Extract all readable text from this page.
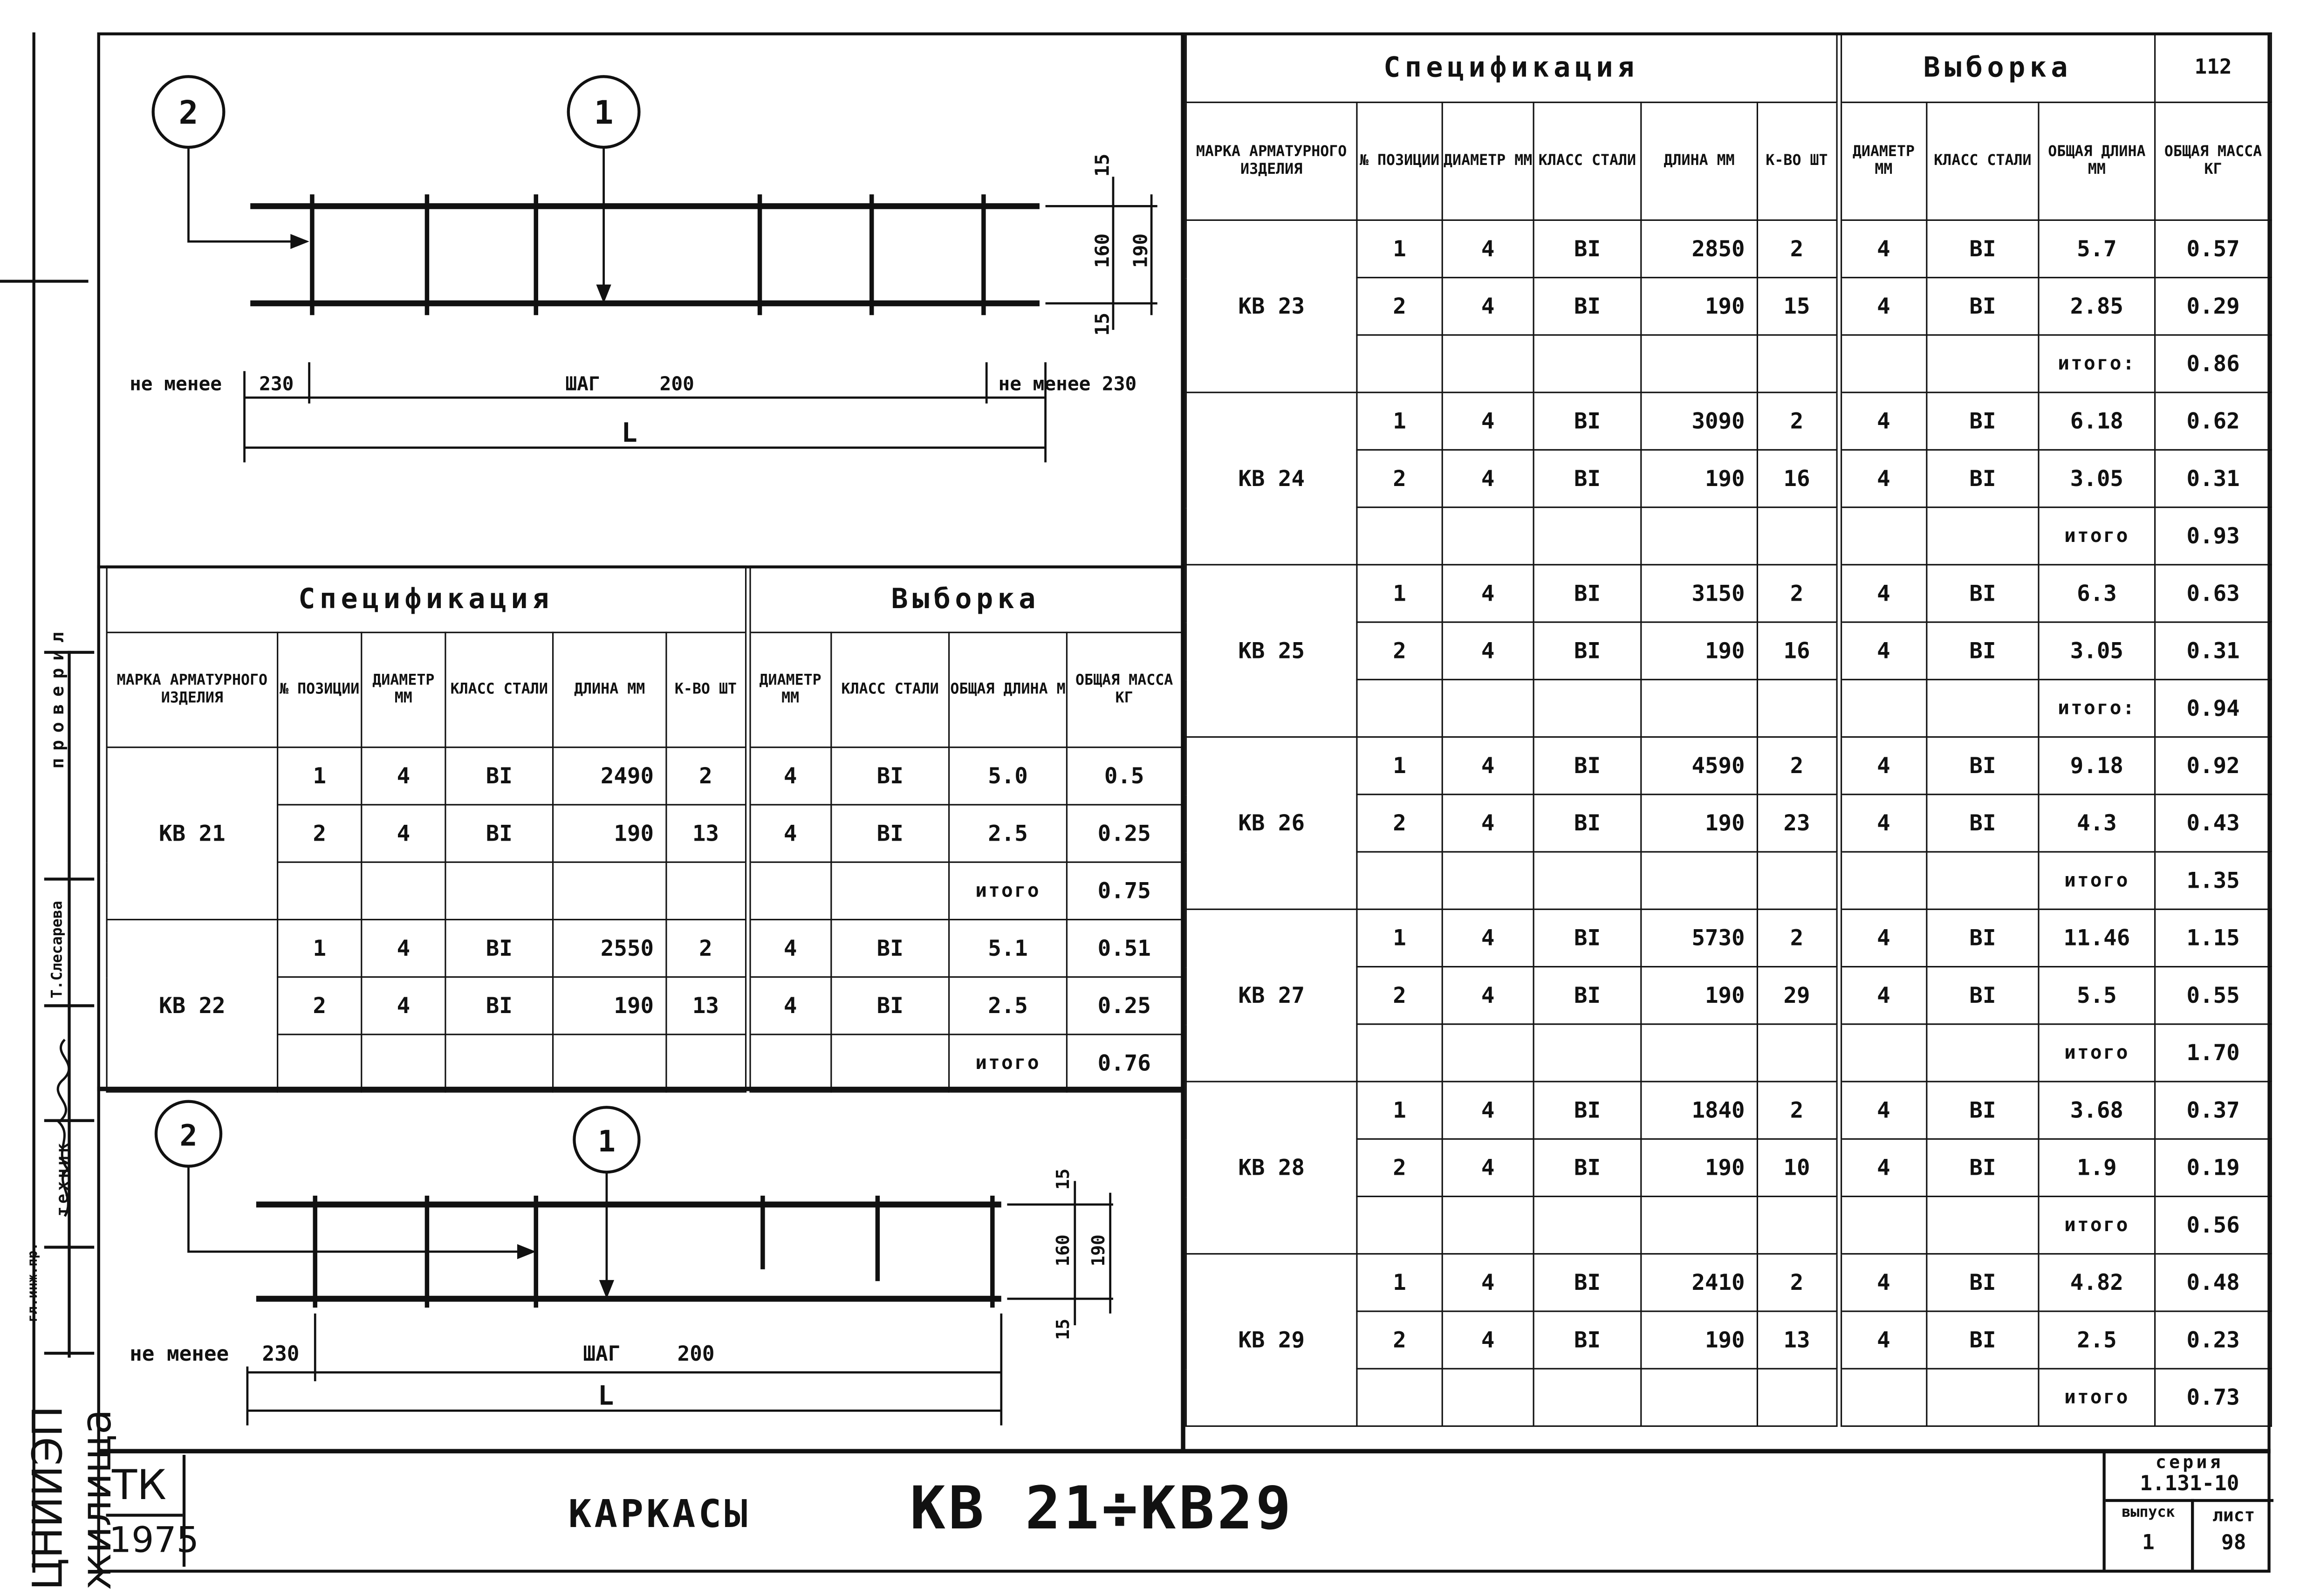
2	1
15
160	190
15
не менее	230	ШАГ	200	не менее 230
L
2	1
15
160	190
15
не менее	230	ШАГ	200
L
Спецификация						Выборка			
МАРКА АРМАТУРНОГО ИЗДЕЛИЯ	№ ПОЗИЦИИ	ДИАМЕТР ММ	КЛАСС СТАЛИ	ДЛИНА ММ	К-ВО ШТ	ДИАМЕТР ММ	КЛАСС СТАЛИ	ОБЩАЯ ДЛИНА М	ОБЩАЯ МАССА КГ
КВ 21	1	4	BI	2490	2	4	BI	5.0	0.5
	2	4	BI	190	13	4	BI	2.5	0.25
								итого	0.75
КВ 22	1	4	BI	2550	2	4	BI	5.1	0.51
	2	4	BI	190	13	4	BI	2.5	0.25
								итого	0.76
Спецификация						Выборка			112
МАРКА АРМАТУРНОГО ИЗДЕЛИЯ	№ ПОЗИЦИИ	ДИАМЕТР ММ	КЛАСС СТАЛИ	ДЛИНА ММ	К-ВО ШТ	ДИАМЕТР ММ	КЛАСС СТАЛИ	ОБЩАЯ ДЛИНА ММ	ОБЩАЯ МАССА КГ
КВ 23	1	4	BI	2850	2	4	BI	5.7	0.57
	2	4	BI	190	15	4	BI	2.85	0.29
								итого:	0.86
КВ 24	1	4	BI	3090	2	4	BI	6.18	0.62
	2	4	BI	190	16	4	BI	3.05	0.31
								итого	0.93
КВ 25	1	4	BI	3150	2	4	BI	6.3	0.63
	2	4	BI	190	16	4	BI	3.05	0.31
								итого:	0.94
КВ 26	1	4	BI	4590	2	4	BI	9.18	0.92
	2	4	BI	190	23	4	BI	4.3	0.43
								итого	1.35
КВ 27	1	4	BI	5730	2	4	BI	11.46	1.15
	2	4	BI	190	29	4	BI	5.5	0.55
								итого	1.70
КВ 28	1	4	BI	1840	2	4	BI	3.68	0.37
	2	4	BI	190	10	4	BI	1.9	0.19
								итого	0.56
КВ 29	1	4	BI	2410	2	4	BI	4.82	0.48
	2	4	BI	190	13	4	BI	2.5	0.23
								итого	0.73
ТК
1975
КАРКАСЫ	КВ 21÷КВ29
серия
1.131-10
выпуск
1
лист
98
проверил
Т.Слесарева
гл.инж.пр.
техник
ЦНИИЭП жилища
